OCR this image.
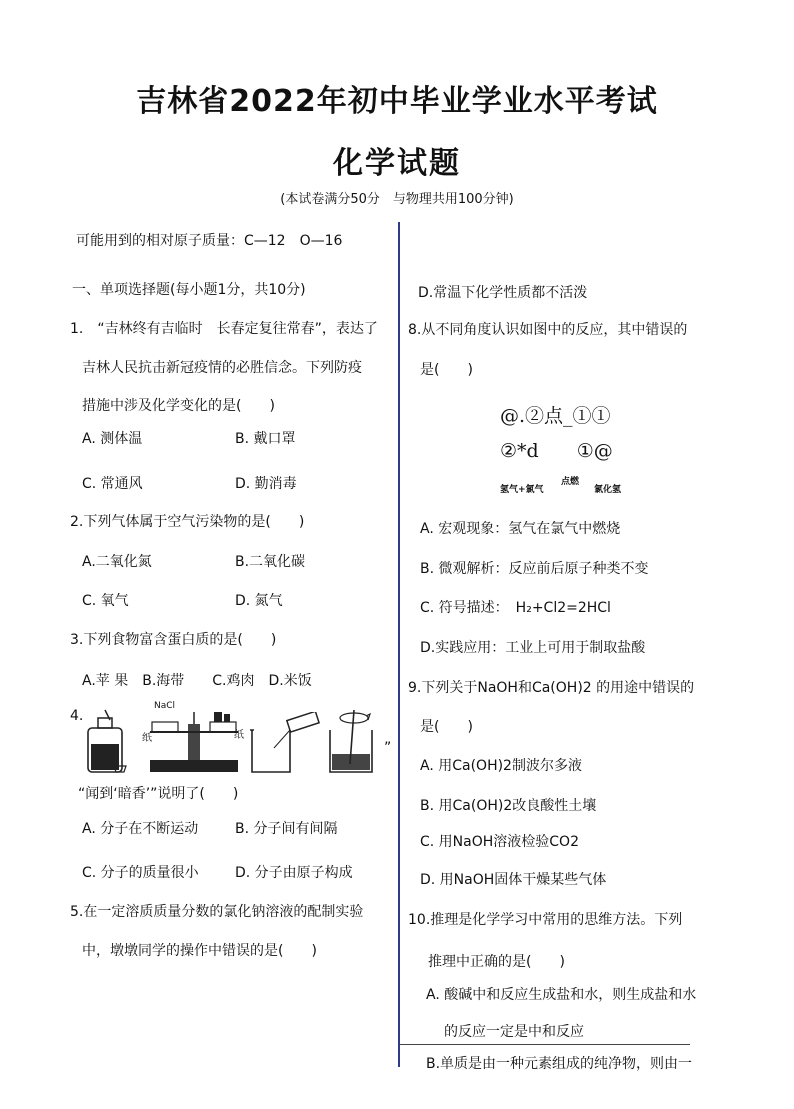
吉林省2022年初中毕业学业水平考试
化学试题
(本试卷满分50分　与物理共用100分钟)
可能用到的相对原子质量：C—12　O—16
一、单项选择题(每小题1分，共10分)
1.　“吉林终有吉临时　长春定复往常春”，表达了
吉林人民抗击新冠疫情的必胜信念。下列防疫
措施中涉及化学变化的是(　　)
A. 测体温	B. 戴口罩
C. 常通风	D. 勤消毒
2.下列气体属于空气污染物的是(　　)
A.二氧化氮	B.二氧化碳
C. 氧气	D. 氮气
3.下列食物富含蛋白质的是(　　)
A.苹 果　B.海带　　C.鸡肉　D.米饭
4.
NaCl
纸	纸
”
“闻到‘暗香’”说明了(　　)
A. 分子在不断运动	B. 分子间有间隔
C. 分子的质量很小	D. 分子由原子构成
5.在一定溶质质量分数的氯化钠溶液的配制实验
中，墩墩同学的操作中错误的是(　　)
D.常温下化学性质都不活泼
8.从不同角度认识如图中的反应，其中错误的
是(　　)
@.②点_①①
②*d　　①@
氢气+氯气
点燃
氯化氢
A. 宏观现象：氢气在氯气中燃烧
B. 微观解析：反应前后原子种类不变
C. 符号描述：　H₂+Cl2=2HCl
D.实践应用：工业上可用于制取盐酸
9.下列关于NaOH和Ca(OH)2 的用途中错误的
是(　　)
A. 用Ca(OH)2制波尔多液
B. 用Ca(OH)2改良酸性土壤
C. 用NaOH溶液检验CO2
D. 用NaOH固体干燥某些气体
10.推理是化学学习中常用的思维方法。下列
推理中正确的是(　　)
A. 酸碱中和反应生成盐和水，则生成盐和水
的反应一定是中和反应
B.单质是由一种元素组成的纯净物，则由一
